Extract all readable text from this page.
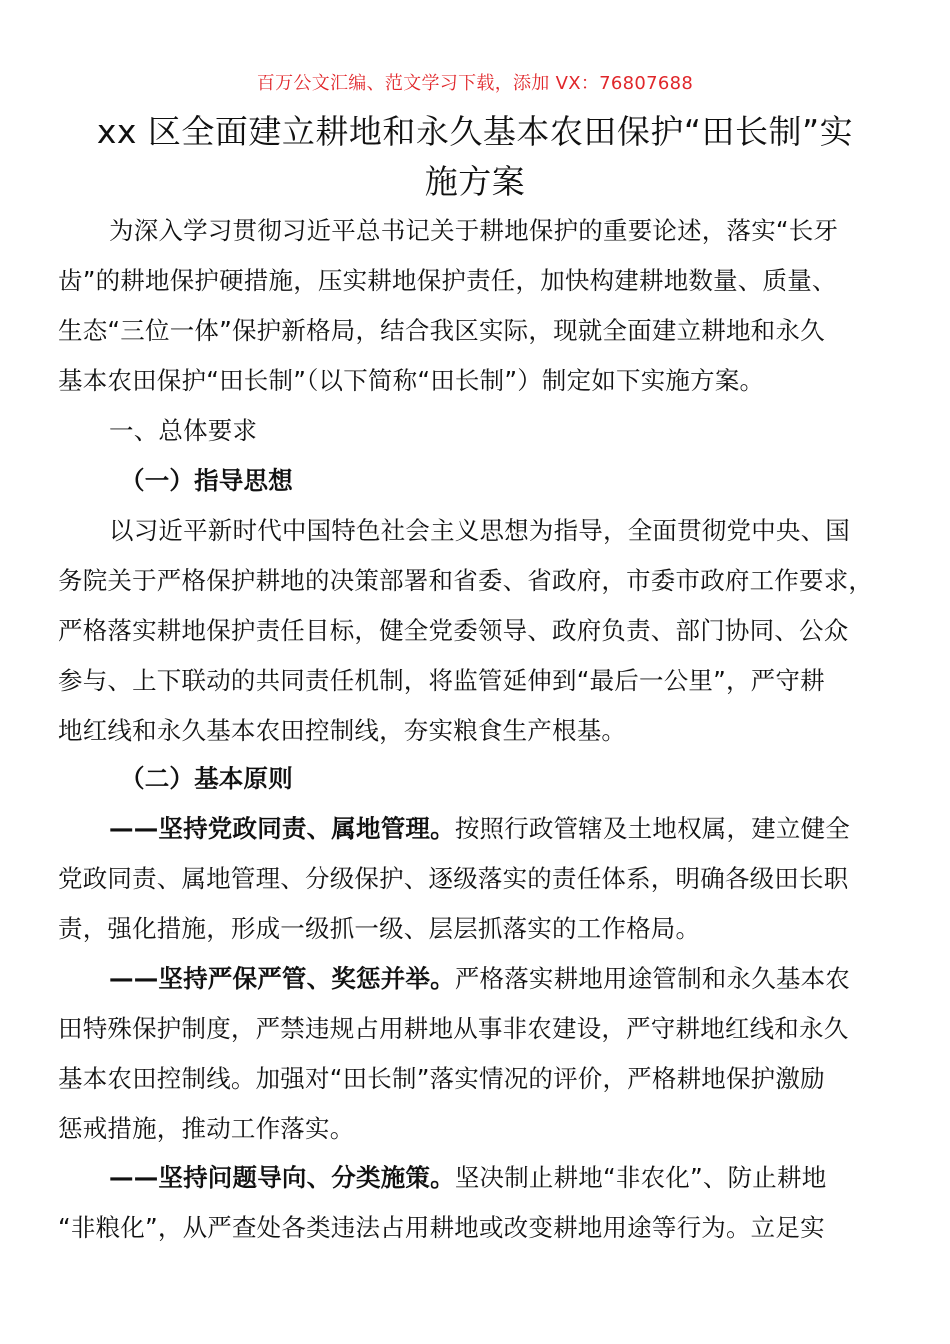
百万公文汇编、范文学习下载，添加 VX：76807688
xx 区全面建立耕地和永久基本农田保护“田长制”实
施方案
为深入学习贯彻习近平总书记关于耕地保护的重要论述，落实“长牙
齿”的耕地保护硬措施，压实耕地保护责任，加快构建耕地数量、质量、
生态“三位一体”保护新格局，结合我区实际，现就全面建立耕地和永久
基本农田保护“田长制”（以下简称“田长制”）制定如下实施方案。
一、总体要求
（一）指导思想
以习近平新时代中国特色社会主义思想为指导，全面贯彻党中央、国
务院关于严格保护耕地的决策部署和省委、省政府，市委市政府工作要求，
严格落实耕地保护责任目标，健全党委领导、政府负责、部门协同、公众
参与、上下联动的共同责任机制，将监管延伸到“最后一公里”，严守耕
地红线和永久基本农田控制线，夯实粮食生产根基。
（二）基本原则
——坚持党政同责、属地管理。按照行政管辖及土地权属，建立健全
党政同责、属地管理、分级保护、逐级落实的责任体系，明确各级田长职
责，强化措施，形成一级抓一级、层层抓落实的工作格局。
——坚持严保严管、奖惩并举。严格落实耕地用途管制和永久基本农
田特殊保护制度，严禁违规占用耕地从事非农建设，严守耕地红线和永久
基本农田控制线。加强对“田长制”落实情况的评价，严格耕地保护激励
惩戒措施，推动工作落实。
——坚持问题导向、分类施策。坚决制止耕地“非农化”、防止耕地
“非粮化”，从严查处各类违法占用耕地或改变耕地用途等行为。立足实
